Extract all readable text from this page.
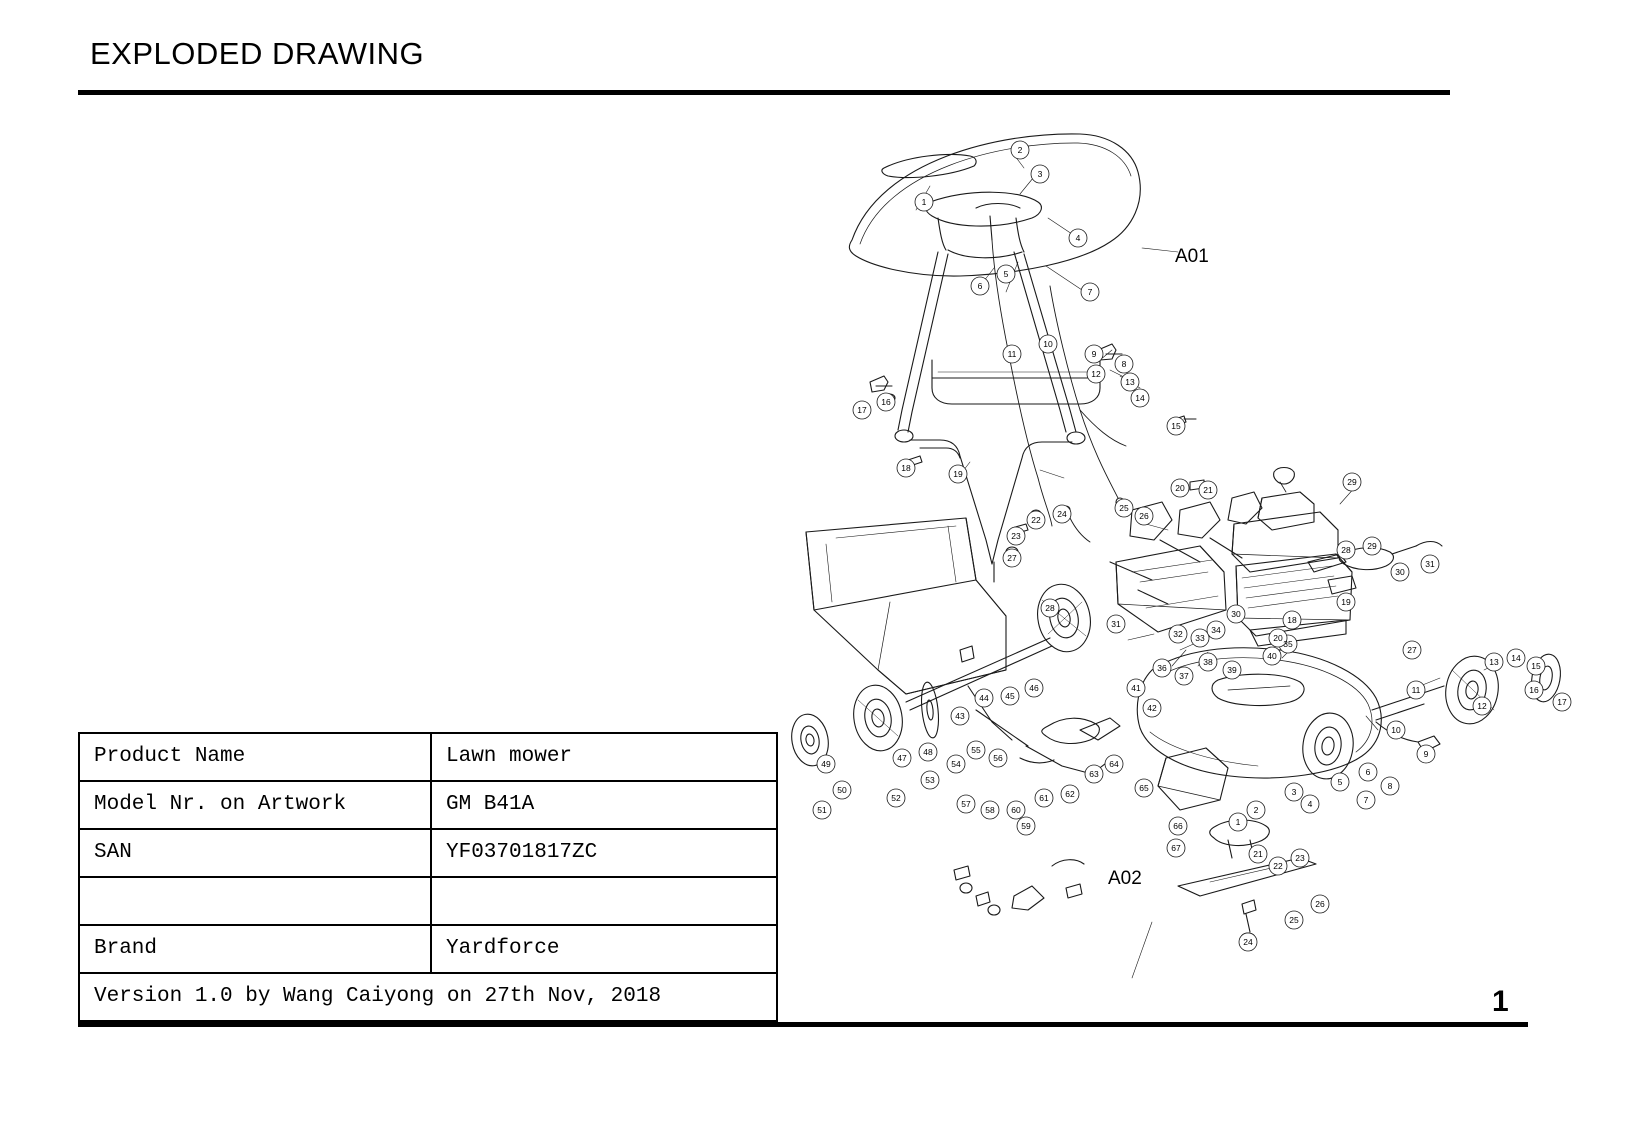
EXPLODED DRAWING
1
2
3
4
5
6
7
8
9
10
11
12
13
14
15
16
17
18
19
20 21
22
23
24
25
26
27
28
29
30
31
32 33
34
35
36
37
38
39
40
41
42
43
44 45
46
47
48
49
50
51
52
53
54
55
56
57
58
59
60
61 62
63
64
65
66
67
1
2
3
4
5
6
7
8
9
10
11
12
13 14
15
16
17
18
19
20
21
22
23
24
25
26
27
28 29
30
31
A01
A02
Product Name	Lawn mower
Model Nr. on Artwork	GM B41A
SAN	YF03701817ZC

Brand	Yardforce
Version 1.0 by Wang Caiyong on 27th Nov, 2018		1
